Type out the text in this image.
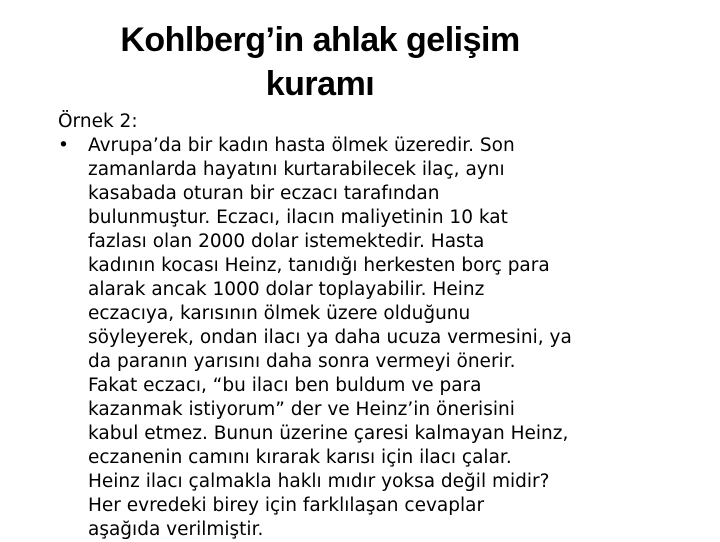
Kohlberg’in ahlak gelişim
kuramı
Örnek 2:
•	Avrupa’da bir kadın hasta ölmek üzeredir. Son
zamanlarda hayatını kurtarabilecek ilaç, aynı
kasabada oturan bir eczacı tarafından
bulunmuştur. Eczacı, ilacın maliyetinin 10 kat
fazlası olan 2000 dolar istemektedir. Hasta
kadının kocası Heinz, tanıdığı herkesten borç para
alarak ancak 1000 dolar toplayabilir. Heinz
eczacıya, karısının ölmek üzere olduğunu
söyleyerek, ondan ilacı ya daha ucuza vermesini, ya
da paranın yarısını daha sonra vermeyi önerir.
Fakat eczacı, “bu ilacı ben buldum ve para
kazanmak istiyorum” der ve Heinz’in önerisini
kabul etmez. Bunun üzerine çaresi kalmayan Heinz,
eczanenin camını kırarak karısı için ilacı çalar.
Heinz ilacı çalmakla haklı mıdır yoksa değil midir?
Her evredeki birey için farklılaşan cevaplar
aşağıda verilmiştir.
